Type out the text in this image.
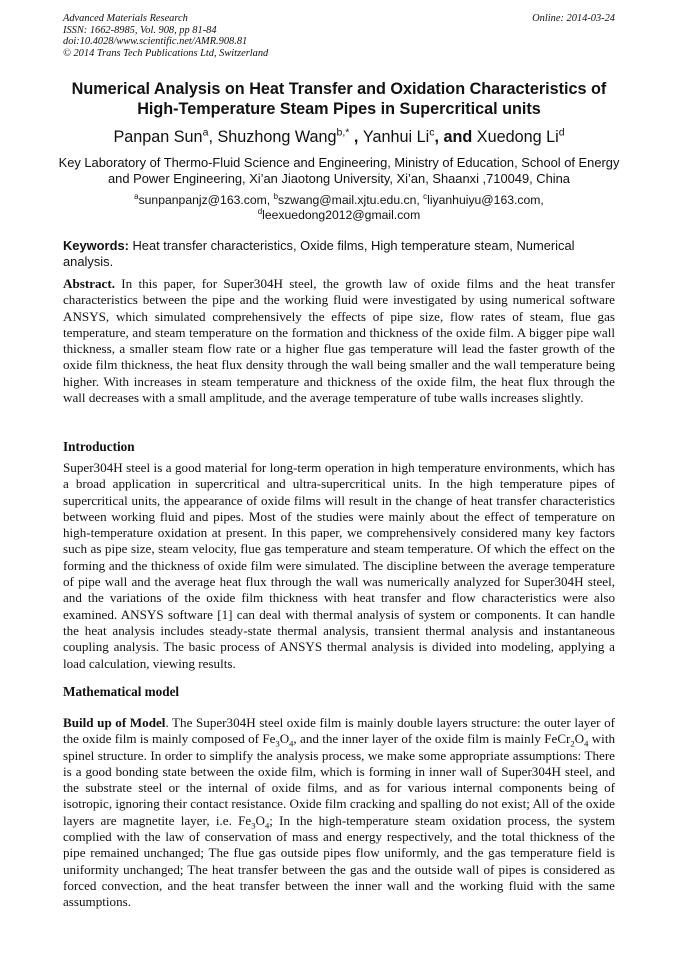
Advanced Materials Research
ISSN: 1662-8985, Vol. 908, pp 81-84
doi:10.4028/www.scientific.net/AMR.908.81
© 2014 Trans Tech Publications Ltd, Switzerland
Online: 2014-03-24
Numerical Analysis on Heat Transfer and Oxidation Characteristics of
High-Temperature Steam Pipes in Supercritical units
Panpan Sun$^a$, Shuzhong Wang$^{b,*}$ , Yanhui Li$^c$, and Xuedong Li$^d$
Key Laboratory of Thermo-Fluid Science and Engineering, Ministry of Education, School of Energy
and Power Engineering, Xi’an Jiaotong University, Xi’an, Shaanxi ,710049, China
$^a$sunpanpanjz@163.com, $^b$szwang@mail.xjtu.edu.cn, $^c$liyanhuiyu@163.com,
$^d$leexuedong2012@gmail.com
Keywords: Heat transfer characteristics, Oxide films, High temperature steam, Numerical analysis.

Abstract. In this paper, for Super304H steel, the growth law of oxide films and the heat transfer characteristics between the pipe and the working fluid were investigated by using numerical software ANSYS, which simulated comprehensively the effects of pipe size, flow rates of steam, flue gas temperature, and steam temperature on the formation and thickness of the oxide film. A bigger pipe wall thickness, a smaller steam flow rate or a higher flue gas temperature will lead the faster growth of the oxide film thickness, the heat flux density through the wall being smaller and the wall temperature being higher. With increases in steam temperature and thickness of the oxide film, the heat flux through the wall decreases with a small amplitude, and the average temperature of tube walls increases slightly.

Introduction

Super304H steel is a good material for long-term operation in high temperature environments, which has a broad application in supercritical and ultra-supercritical units. In the high temperature pipes of supercritical units, the appearance of oxide films will result in the change of heat transfer characteristics between working fluid and pipes. Most of the studies were mainly about the effect of temperature on high-temperature oxidation at present. In this paper, we comprehensively considered many key factors such as pipe size, steam velocity, flue gas temperature and steam temperature. Of which the effect on the forming and the thickness of oxide film were simulated. The discipline between the average temperature of pipe wall and the average heat flux through the wall was numerically analyzed for Super304H steel, and the variations of the oxide film thickness with heat transfer and flow characteristics were also examined. ANSYS software [1] can deal with thermal analysis of system or components. It can handle the heat analysis includes steady-state thermal analysis, transient thermal analysis and instantaneous coupling analysis. The basic process of ANSYS thermal analysis is divided into modeling, applying a load calculation, viewing results.

Mathematical model

Build up of Model. The Super304H steel oxide film is mainly double layers structure: the outer layer of the oxide film is mainly composed of $Fe_3O_4$, and the inner layer of the oxide film is mainly $FeCr_2O_4$ with spinel structure. In order to simplify the analysis process, we make some appropriate assumptions: There is a good bonding state between the oxide film, which is forming in inner wall of Super304H steel, and the substrate steel or the internal of oxide films, and as for various internal components being of isotropic, ignoring their contact resistance. Oxide film cracking and spalling do not exist; All of the oxide layers are magnetite layer, i.e. $Fe_3O_4$; In the high-temperature steam oxidation process, the system complied with the law of conservation of mass and energy respectively, and the total thickness of the pipe remained unchanged; The flue gas outside pipes flow uniformly, and the gas temperature field is uniformity unchanged; The heat transfer between the gas and the outside wall of pipes is considered as forced convection, and the heat transfer between the inner wall and the working fluid with the same assumptions.
